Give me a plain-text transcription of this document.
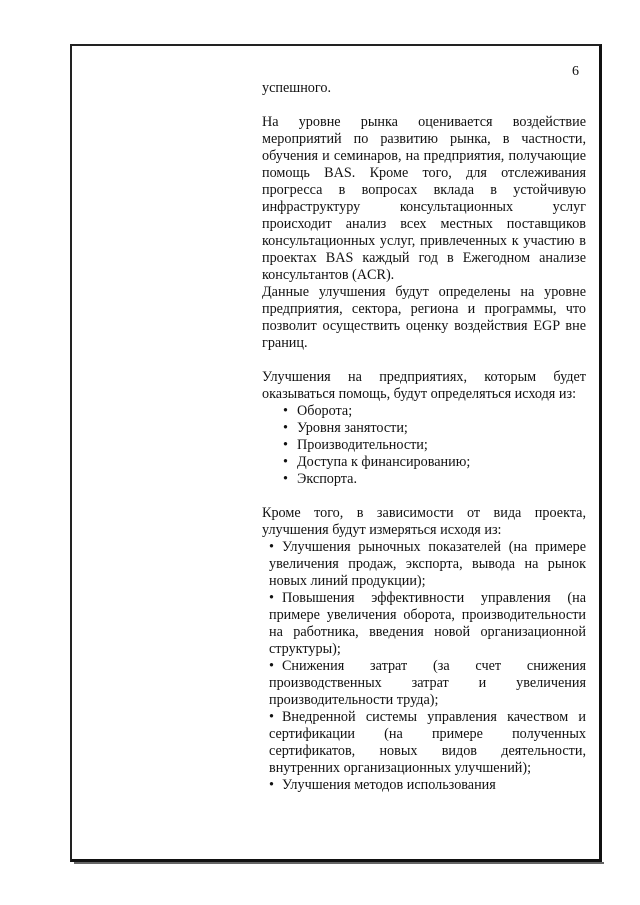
6

успешного.

На уровне рынка оценивается воздействие мероприятий по развитию рынка, в частности, обучения и семинаров, на предприятия, получающие помощь BAS. Кроме того, для отслеживания прогресса в вопросах вклада в устойчивую инфраструктуру консультационных услуг происходит анализ всех местных поставщиков консультационных услуг, привлеченных к участию в проектах BAS каждый год в Ежегодном анализе консультантов (ACR).

Данные улучшения будут определены на уровне предприятия, сектора, региона и программы, что позволит осуществить оценку воздействия EGP вне границ.

Улучшения на предприятиях, которым будет оказываться помощь, будут определяться исходя из:

• Оборота;
• Уровня занятости;
• Производительности;
• Доступа к финансированию;
• Экспорта.

Кроме того, в зависимости от вида проекта, улучшения будут измеряться исходя из:

• Улучшения рыночных показателей (на примере увеличения продаж, экспорта, вывода на рынок новых линий продукции);

• Повышения эффективности управления (на примере увеличения оборота, производительности на работника, введения новой организационной структуры);

• Снижения затрат (за счет снижения производственных затрат и увеличения производительности труда);

• Внедренной системы управления качеством и сертификации (на примере полученных сертификатов, новых видов деятельности, внутренних организационных улучшений);

• Улучшения методов использования
